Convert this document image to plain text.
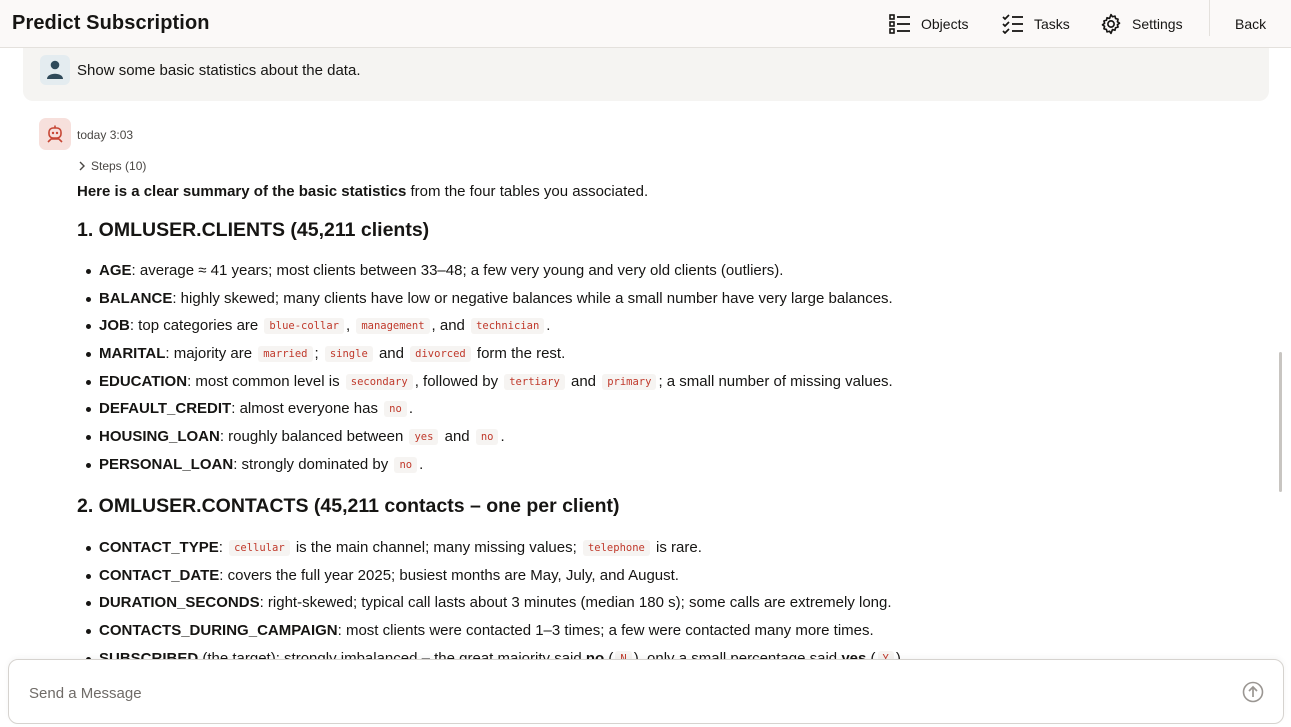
Predict Subscription	Objects	Tasks	Settings	Back
Show some basic statistics about the data.
today 3:03
Steps (10)

Here is a clear summary of the basic statistics from the four tables you associated.

1. OMLUSER.CLIENTS (45,211 clients)
AGE: average ≈ 41 years; most clients between 33–48; a few very young and very old clients (outliers).
BALANCE: highly skewed; many clients have low or negative balances while a small number have very large balances.
JOB: top categories are blue-collar , management , and technician .
MARITAL: majority are married ; single and divorced form the rest.
EDUCATION: most common level is secondary , followed by tertiary and primary ; a small number of missing values.
DEFAULT_CREDIT: almost everyone has no .
HOUSING_LOAN: roughly balanced between yes and no .
PERSONAL_LOAN: strongly dominated by no .
2. OMLUSER.CONTACTS (45,211 contacts – one per client)
CONTACT_TYPE: cellular is the main channel; many missing values; telephone is rare.
CONTACT_DATE: covers the full year 2025; busiest months are May, July, and August.
DURATION_SECONDS: right-skewed; typical call lasts about 3 minutes (median 180 s); some calls are extremely long.
CONTACTS_DURING_CAMPAIGN: most clients were contacted 1–3 times; a few were contacted many more times.
Send a Message
